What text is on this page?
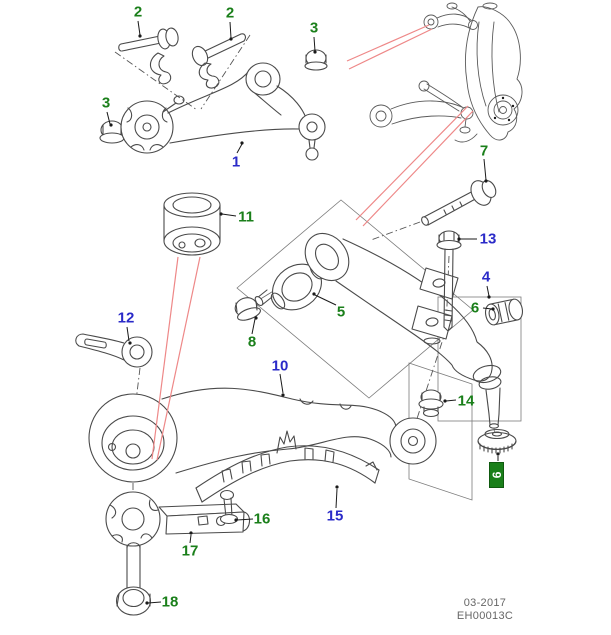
2	2
3
3
1
11
7
13
4
6
12	5
8
10
14
15
16
17
18
9
03-2017
EH00013C
